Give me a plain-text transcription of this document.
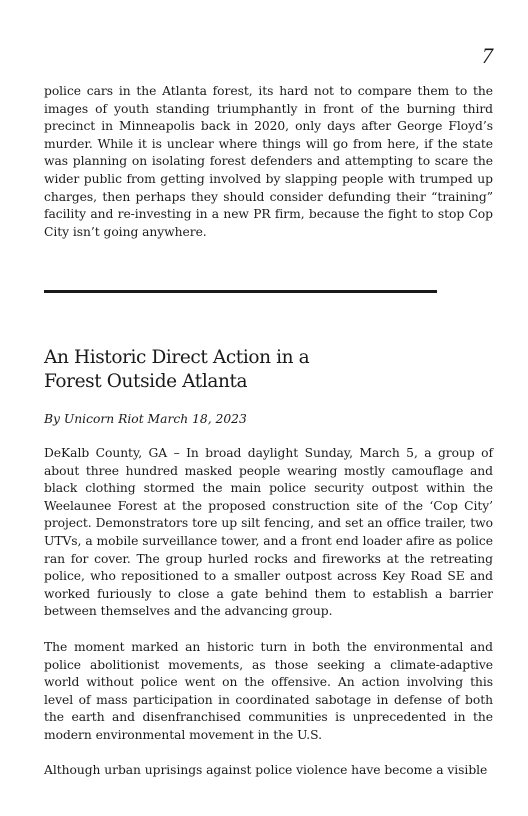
7

police cars in the Atlanta forest, its hard not to compare them to the images of youth standing triumphantly in front of the burning third precinct in Minneapolis back in 2020, only days after George Floyd’s murder. While it is unclear where things will go from here, if the state was planning on isolating forest defenders and attempting to scare the wider public from getting involved by slapping people with trumped up charges, then perhaps they should consider defunding their “training” facility and re-investing in a new PR firm, because the fight to stop Cop City isn’t going anywhere.

An Historic Direct Action in a
Forest Outside Atlanta

By Unicorn Riot March 18, 2023

DeKalb County, GA – In broad daylight Sunday, March 5, a group of about three hundred masked people wearing mostly camouflage and black clothing stormed the main police security outpost within the Weelaunee Forest at the proposed construction site of the ‘Cop City’ project. Demonstrators tore up silt fencing, and set an office trailer, two UTVs, a mobile surveillance tower, and a front end loader afire as police ran for cover. The group hurled rocks and fireworks at the retreating police, who repositioned to a smaller outpost across Key Road SE and worked furiously to close a gate behind them to establish a barrier between themselves and the advancing group.

The moment marked an historic turn in both the environmental and police abolitionist movements, as those seeking a climate-adaptive world without police went on the offensive. An action involving this level of mass participation in coordinated sabotage in defense of both the earth and disenfranchised communities is unprecedented in the modern environmental movement in the U.S.

Although urban uprisings against police violence have become a visible
